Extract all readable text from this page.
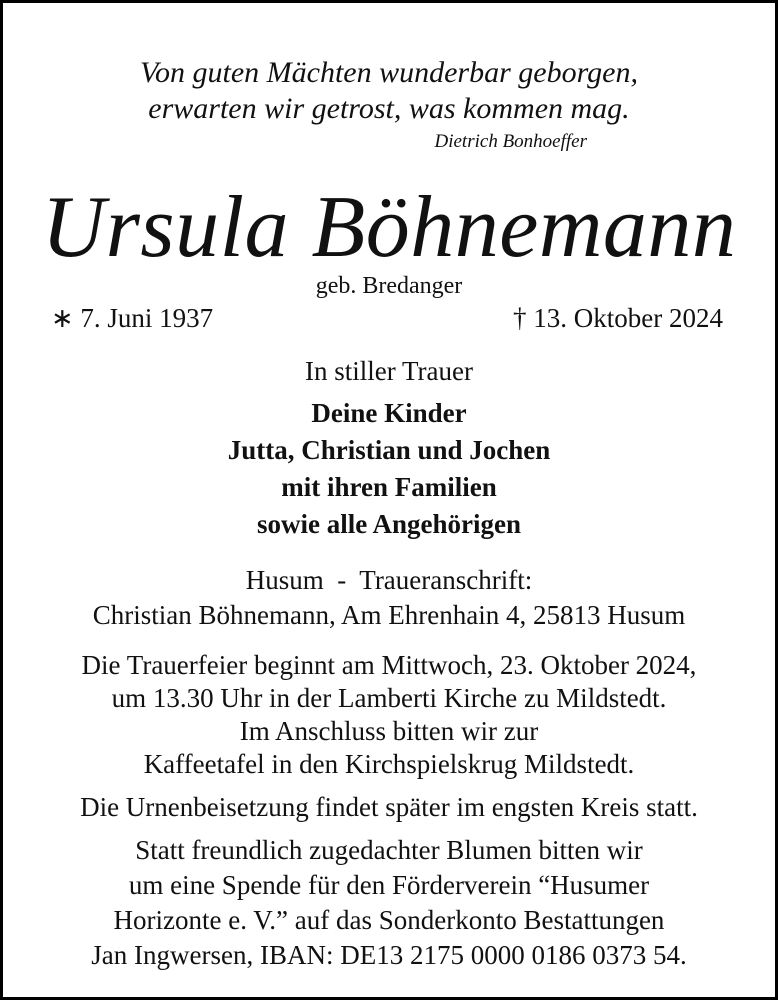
Von guten Mächten wunderbar geborgen,
erwarten wir getrost, was kommen mag.
Dietrich Bonhoeffer
Ursula Böhnemann
geb. Bredanger
∗ 7. Juni 1937	† 13. Oktober 2024
In stiller Trauer
Deine Kinder
Jutta, Christian und Jochen
mit ihren Familien
sowie alle Angehörigen
Husum  -  Traueranschrift:
Christian Böhnemann, Am Ehrenhain 4, 25813 Husum
Die Trauerfeier beginnt am Mittwoch, 23. Oktober 2024,
um 13.30 Uhr in der Lamberti Kirche zu Mildstedt.
Im Anschluss bitten wir zur
Kaffeetafel in den Kirchspielskrug Mildstedt.
Die Urnenbeisetzung findet später im engsten Kreis statt.
Statt freundlich zugedachter Blumen bitten wir
um eine Spende für den Förderverein “Husumer
Horizonte e. V.” auf das Sonderkonto Bestattungen
Jan Ingwersen, IBAN: DE13 2175 0000 0186 0373 54.
